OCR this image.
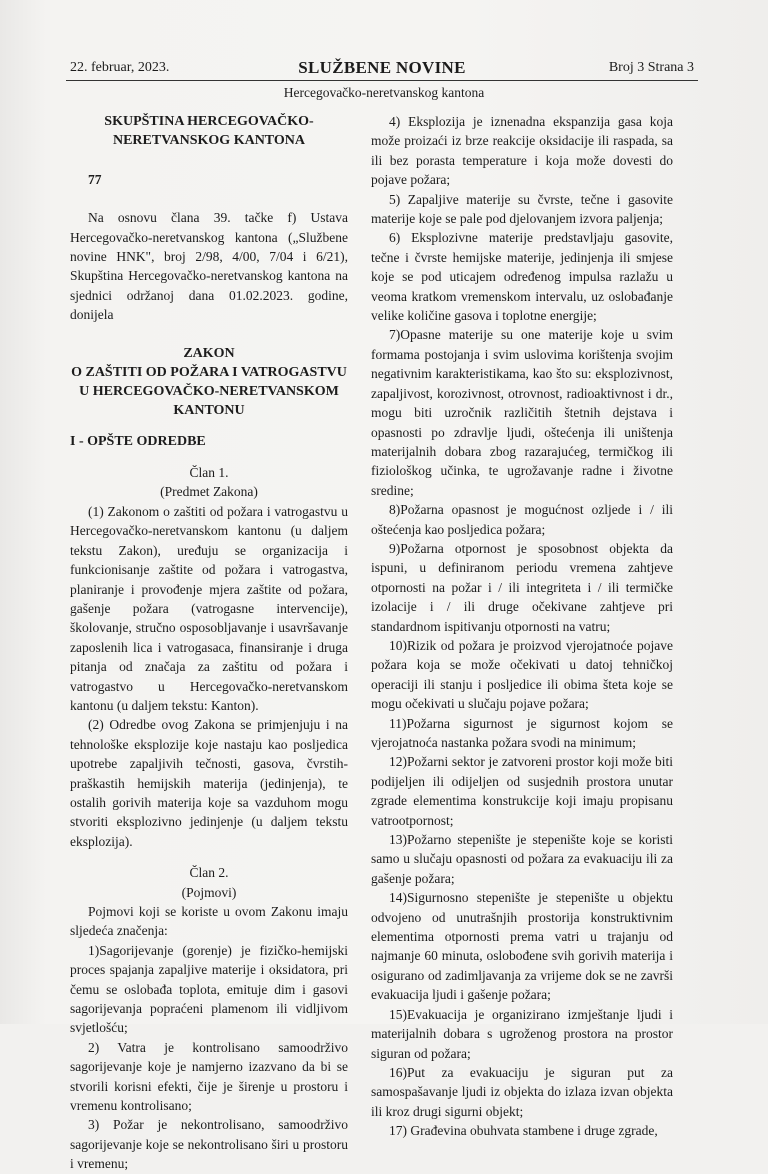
22. februar, 2023.	SLUŽBENE NOVINE	Broj 3 Strana 3
Hercegovačko-neretvanskog kantona
SKUPŠTINA HERCEGOVAČKO-NERETVANSKOG KANTONA
77

Na osnovu člana 39. tačke f) Ustava Hercegovačko-neretvanskog kantona („Službene novine HNK", broj 2/98, 4/00, 7/04 i 6/21), Skupština Hercegovačko-neretvanskog kantona na sjednici održanoj dana 01.02.2023. godine, donijela

ZAKON
O ZAŠTITI OD POŽARA I VATROGASTVU U HERCEGOVAČKO-NERETVANSKOM KANTONU
I - OPŠTE ODREDBE
Član 1.
(Predmet Zakona)

(1) Zakonom o zaštiti od požara i vatrogastvu u Hercegovačko-neretvanskom kantonu (u daljem tekstu Zakon), uređuju se organizacija i funkcionisanje zaštite od požara i vatrogastva, planiranje i provođenje mjera zaštite od požara, gašenje požara (vatrogasne intervencije), školovanje, stručno osposobljavanje i usavršavanje zaposlenih lica i vatrogasaca, finansiranje i druga pitanja od značaja za zaštitu od požara i vatrogastvo u Hercegovačko-neretvanskom kantonu (u daljem tekstu: Kanton).

(2) Odredbe ovog Zakona se primjenjuju i na tehnološke eksplozije koje nastaju kao posljedica upotrebe zapaljivih tečnosti, gasova, čvrstih-praškastih hemijskih materija (jedinjenja), te ostalih gorivih materija koje sa vazduhom mogu stvoriti eksplozivno jedinjenje (u daljem tekstu eksplozija).

Član 2.
(Pojmovi)

Pojmovi koji se koriste u ovom Zakonu imaju sljedeća značenja:

1)Sagorijevanje (gorenje) je fizičko-hemijski proces spajanja zapaljive materije i oksidatora, pri čemu se oslobađa toplota, emituje dim i gasovi sagorijevanja popraćeni plamenom ili vidljivom svjetlošću;

2) Vatra je kontrolisano samoodrživo sagorijevanje koje je namjerno izazvano da bi se stvorili korisni efekti, čije je širenje u prostoru i vremenu kontrolisano;

3) Požar je nekontrolisano, samoodrživo sagorijevanje koje se nekontrolisano širi u prostoru i vremenu;

4) Eksplozija je iznenadna ekspanzija gasa koja može proizaći iz brze reakcije oksidacije ili raspada, sa ili bez porasta temperature i koja može dovesti do pojave požara;

5) Zapaljive materije su čvrste, tečne i gasovite materije koje se pale pod djelovanjem izvora paljenja;

6) Eksplozivne materije predstavljaju gasovite, tečne i čvrste hemijske materije, jedinjenja ili smjese koje se pod uticajem određenog impulsa razlažu u veoma kratkom vremenskom intervalu, uz oslobađanje velike količine gasova i toplotne energije;

7)Opasne materije su one materije koje u svim formama postojanja i svim uslovima korištenja svojim negativnim karakteristikama, kao što su: eksplozivnost, zapaljivost, korozivnost, otrovnost, radioaktivnost i dr., mogu biti uzročnik različitih štetnih dejstava i opasnosti po zdravlje ljudi, oštećenja ili uništenja materijalnih dobara zbog razarajućeg, termičkog ili fiziološkog učinka, te ugrožavanje radne i životne sredine;

8)Požarna opasnost je mogućnost ozljede i / ili oštećenja kao posljedica požara;

9)Požarna otpornost je sposobnost objekta da ispuni, u definiranom periodu vremena zahtjeve otpornosti na požar i / ili integriteta i / ili termičke izolacije i / ili druge očekivane zahtjeve pri standardnom ispitivanju otpornosti na vatru;

10)Rizik od požara je proizvod vjerojatnoće pojave požara koja se može očekivati u datoj tehničkoj operaciji ili stanju i posljedice ili obima šteta koje se mogu očekivati u slučaju pojave požara;

11)Požarna sigurnost je sigurnost kojom se vjerojatnoća nastanka požara svodi na minimum;

12)Požarni sektor je zatvoreni prostor koji može biti podijeljen ili odijeljen od susjednih prostora unutar zgrade elementima konstrukcije koji imaju propisanu vatrootpornost;

13)Požarno stepenište je stepenište koje se koristi samo u slučaju opasnosti od požara za evakuaciju ili za gašenje požara;

14)Sigurnosno stepenište je stepenište u objektu odvojeno od unutrašnjih prostorija konstruktivnim elementima otpornosti prema vatri u trajanju od najmanje 60 minuta, oslobođene svih gorivih materija i osigurano od zadimljavanja za vrijeme dok se ne završi evakuacija ljudi i gašenje požara;

15)Evakuacija je organizirano izmještanje ljudi i materijalnih dobara s ugroženog prostora na prostor siguran od požara;

16)Put za evakuaciju je siguran put za samospašavanje ljudi iz objekta do izlaza izvan objekta ili kroz drugi sigurni objekt;

17) Građevina obuhvata stambene i druge zgrade,
